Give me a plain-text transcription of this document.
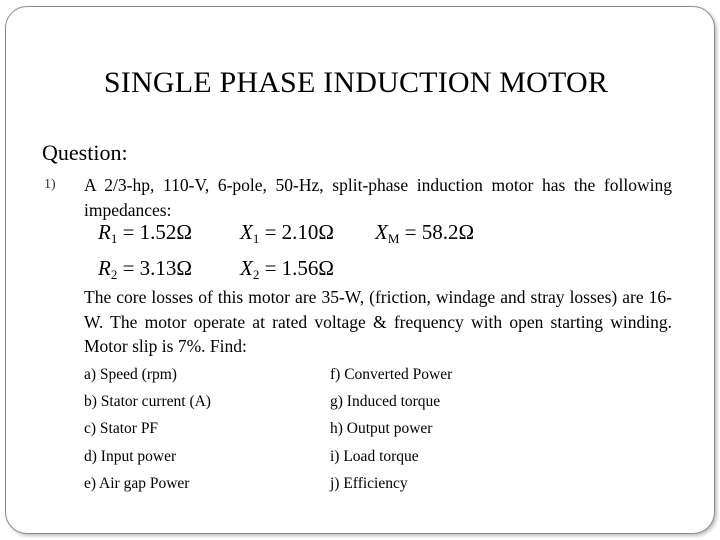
SINGLE PHASE INDUCTION MOTOR
Question:
1) A 2/3-hp, 110-V, 6-pole, 50-Hz, split-phase induction motor has the following impedances:
$R_1 = 1.52\Omega$ $X_1 = 2.10\Omega$ $X_M = 58.2\Omega$
$R_2 = 3.13\Omega$ $X_2 = 1.56\Omega$
The core losses of this motor are 35-W, (friction, windage and stray losses) are 16-W. The motor operate at rated voltage & frequency with open starting winding. Motor slip is 7%. Find:
a) Speed (rpm)
b) Stator current (A)
c) Stator PF
d) Input power
e) Air gap Power
f) Converted Power
g) Induced torque
h) Output power
i) Load torque
j) Efficiency
